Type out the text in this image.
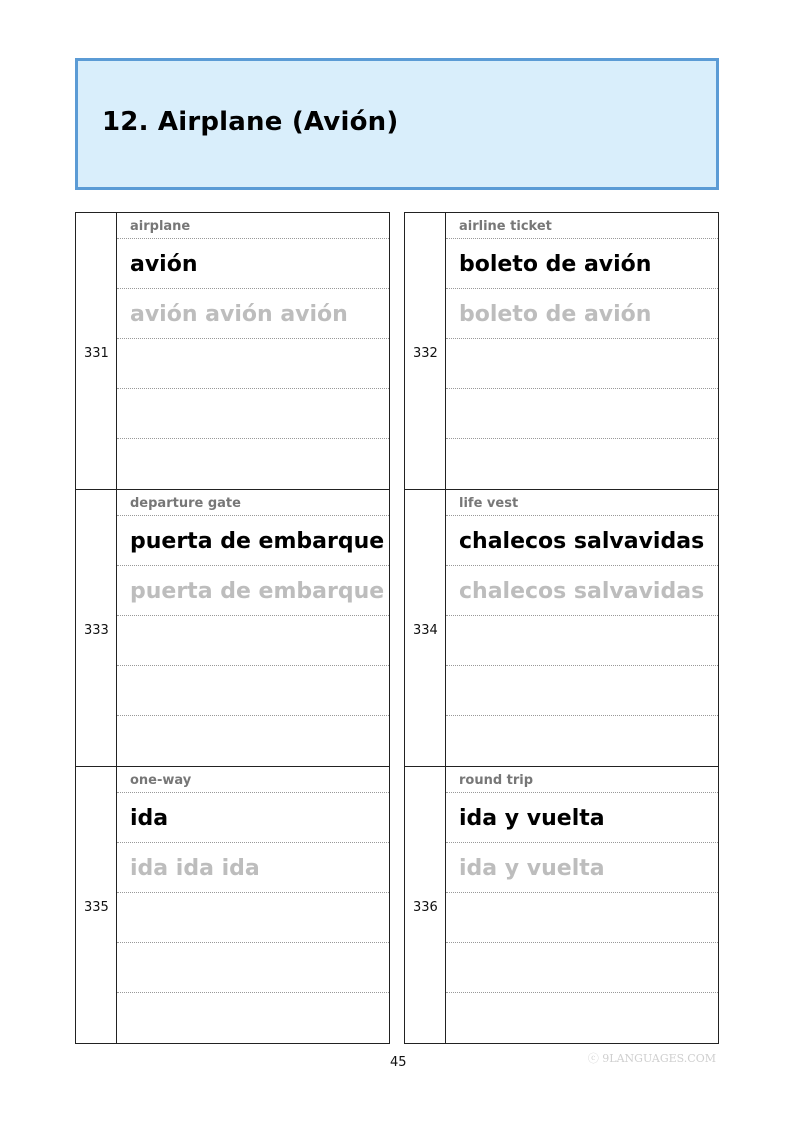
12. Airplane (Avión)
331
airplane
avión
avión avión avión
333
departure gate
puerta de embarque
puerta de embarque
335
one-way
ida
ida ida ida
332
airline ticket
boleto de avión
boleto de avión
334
life vest
chalecos salvavidas
chalecos salvavidas
336
round trip
ida y vuelta
ida y vuelta
45	ⓒ 9LANGUAGES.COM
